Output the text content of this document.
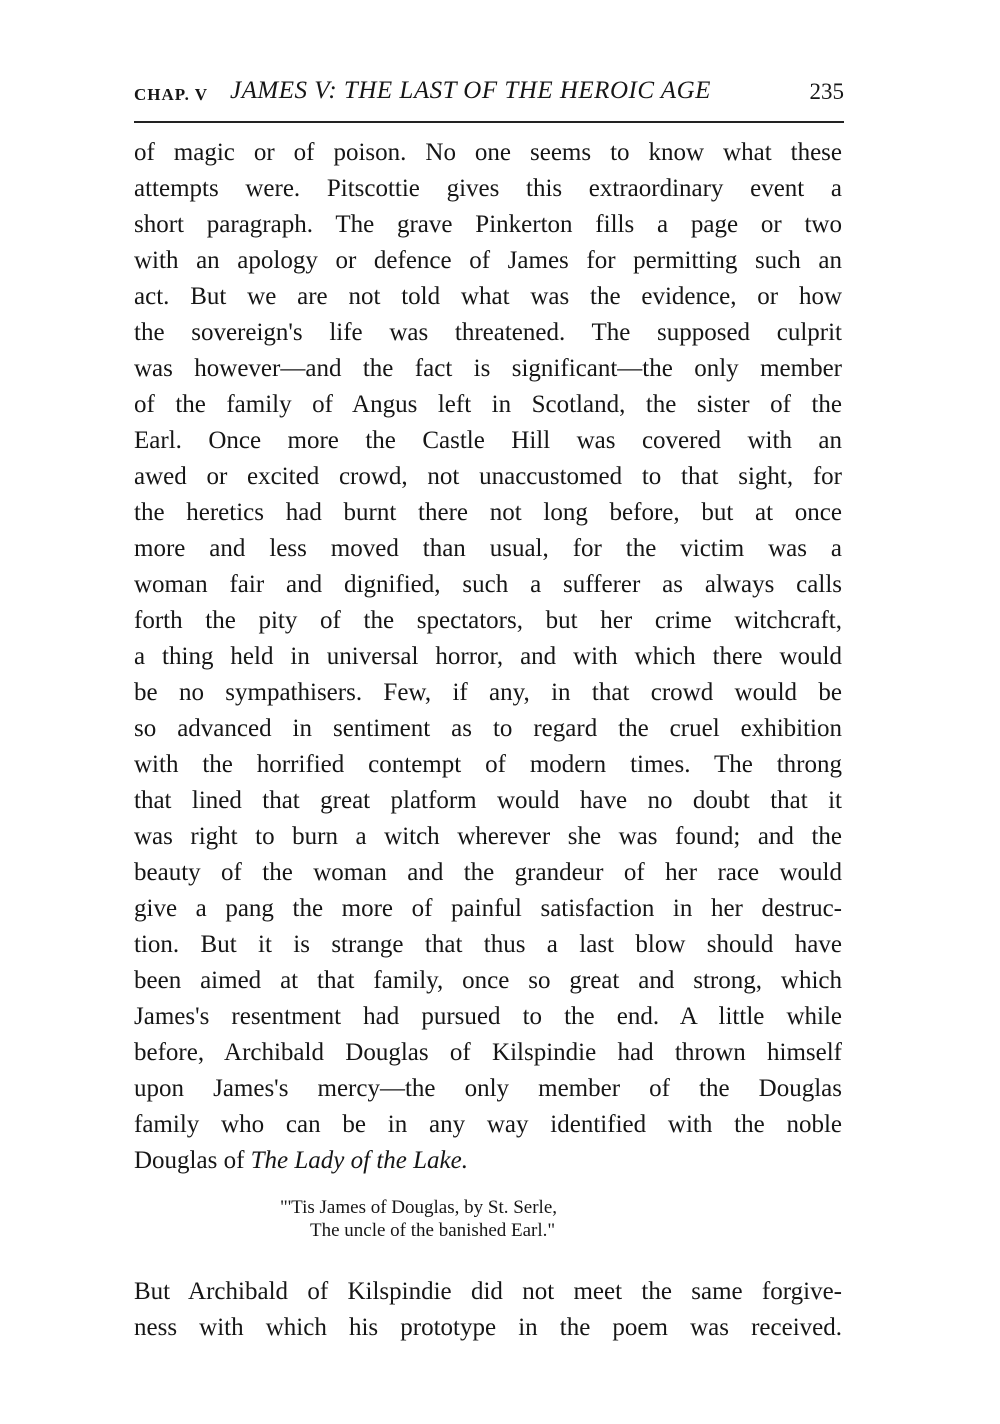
CHAP. V JAMES V: THE LAST OF THE HEROIC AGE	235
of magic or of poison. No one seems to know what these
attempts were. Pitscottie gives this extraordinary event a
short paragraph. The grave Pinkerton fills a page or two
with an apology or defence of James for permitting such an
act. But we are not told what was the evidence, or how
the sovereign's life was threatened. The supposed culprit
was however—and the fact is significant—the only member
of the family of Angus left in Scotland, the sister of the
Earl. Once more the Castle Hill was covered with an
awed or excited crowd, not unaccustomed to that sight, for
the heretics had burnt there not long before, but at once
more and less moved than usual, for the victim was a
woman fair and dignified, such a sufferer as always calls
forth the pity of the spectators, but her crime witchcraft,
a thing held in universal horror, and with which there would
be no sympathisers. Few, if any, in that crowd would be
so advanced in sentiment as to regard the cruel exhibition
with the horrified contempt of modern times. The throng
that lined that great platform would have no doubt that it
was right to burn a witch wherever she was found; and the
beauty of the woman and the grandeur of her race would
give a pang the more of painful satisfaction in her destruc-
tion. But it is strange that thus a last blow should have
been aimed at that family, once so great and strong, which
James's resentment had pursued to the end. A little while
before, Archibald Douglas of Kilspindie had thrown himself
upon James's mercy—the only member of the Douglas
family who can be in any way identified with the noble
Douglas of The Lady of the Lake.
"'Tis James of Douglas, by St. Serle,
The uncle of the banished Earl."
But Archibald of Kilspindie did not meet the same forgive-
ness with which his prototype in the poem was received.
